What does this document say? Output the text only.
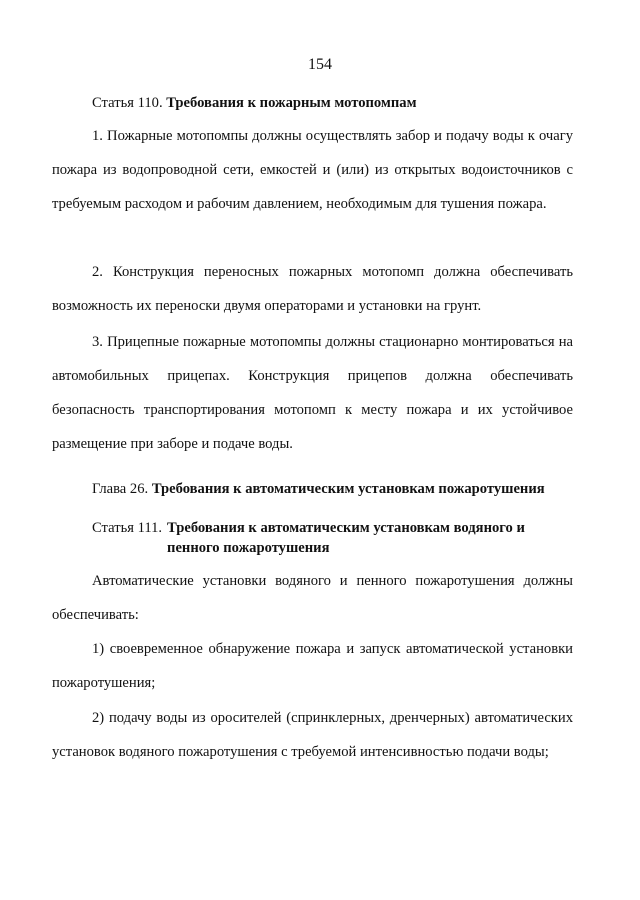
154
Статья 110. Требования к пожарным мотопомпам

1. Пожарные мотопомпы должны осуществлять забор и подачу воды к очагу пожара из водопроводной сети, емкостей и (или) из открытых водоисточников с требуемым расходом и рабочим давлением, необходимым для тушения пожара.

2. Конструкция переносных пожарных мотопомп должна обеспечивать возможность их переноски двумя операторами и установки на грунт.

3. Прицепные пожарные мотопомпы должны стационарно монтироваться на автомобильных прицепах. Конструкция прицепов должна обеспечивать безопасность транспортирования мотопомп к месту пожара и их устойчивое размещение при заборе и подаче воды.

Глава 26. Требования к автоматическим установкам пожаротушения
Статья 111. Требования к автоматическим установкам водяного и пенного пожаротушения

Автоматические установки водяного и пенного пожаротушения должны обеспечивать:

1) своевременное обнаружение пожара и запуск автоматической установки пожаротушения;

2) подачу воды из оросителей (спринклерных, дренчерных) автоматических установок водяного пожаротушения с требуемой интенсивностью подачи воды;
